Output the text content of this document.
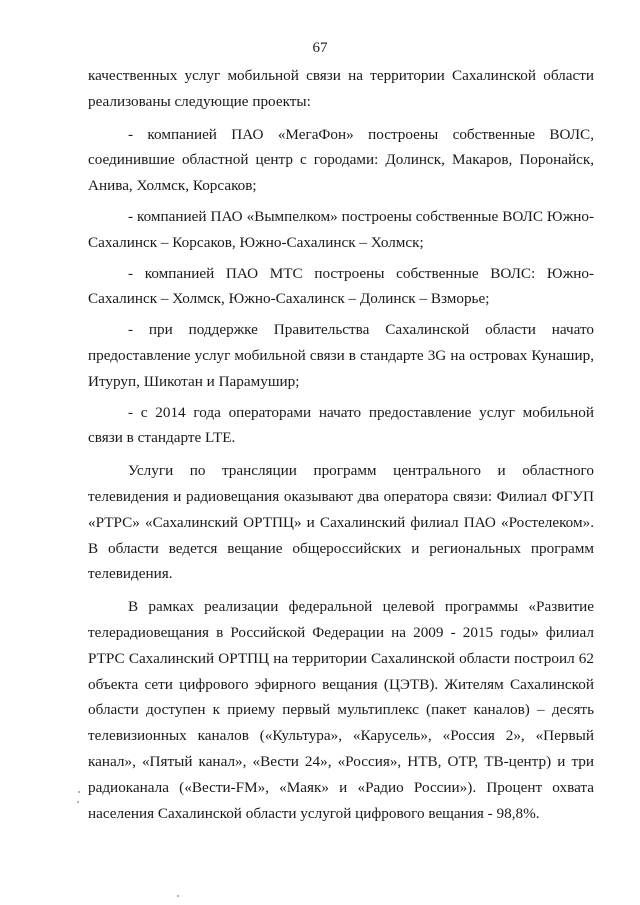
67

качественных услуг мобильной связи на территории Сахалинской области реализованы следующие проекты:

- компанией ПАО «МегаФон» построены собственные ВОЛС, соединившие областной центр с городами: Долинск, Макаров, Поронайск, Анива, Холмск, Корсаков;

- компанией ПАО «Вымпелком» построены собственные ВОЛС Южно-Сахалинск – Корсаков, Южно-Сахалинск – Холмск;

- компанией ПАО МТС построены собственные ВОЛС: Южно-Сахалинск – Холмск, Южно-Сахалинск – Долинск – Взморье;

- при поддержке Правительства Сахалинской области начато предоставление услуг мобильной связи в стандарте 3G на островах Кунашир, Итуруп, Шикотан и Парамушир;

- с 2014 года операторами начато предоставление услуг мобильной связи в стандарте LTE.

Услуги по трансляции программ центрального и областного телевидения и радиовещания оказывают два оператора связи: Филиал ФГУП «РТРС» «Сахалинский ОРТПЦ» и Сахалинский филиал ПАО «Ростелеком». В области ведется вещание общероссийских и региональных программ телевидения.

В рамках реализации федеральной целевой программы «Развитие телерадиовещания в Российской Федерации на 2009 - 2015 годы» филиал РТРС Сахалинский ОРТПЦ на территории Сахалинской области построил 62 объекта сети цифрового эфирного вещания (ЦЭТВ). Жителям Сахалинской области доступен к приему первый мультиплекс (пакет каналов) – десять телевизионных каналов («Культура», «Карусель», «Россия 2», «Первый канал», «Пятый канал», «Вести 24», «Россия», НТВ, ОТР, ТВ-центр) и три радиоканала («Вести-FM», «Маяк» и «Радио России»). Процент охвата населения Сахалинской области услугой цифрового вещания - 98,8%.
